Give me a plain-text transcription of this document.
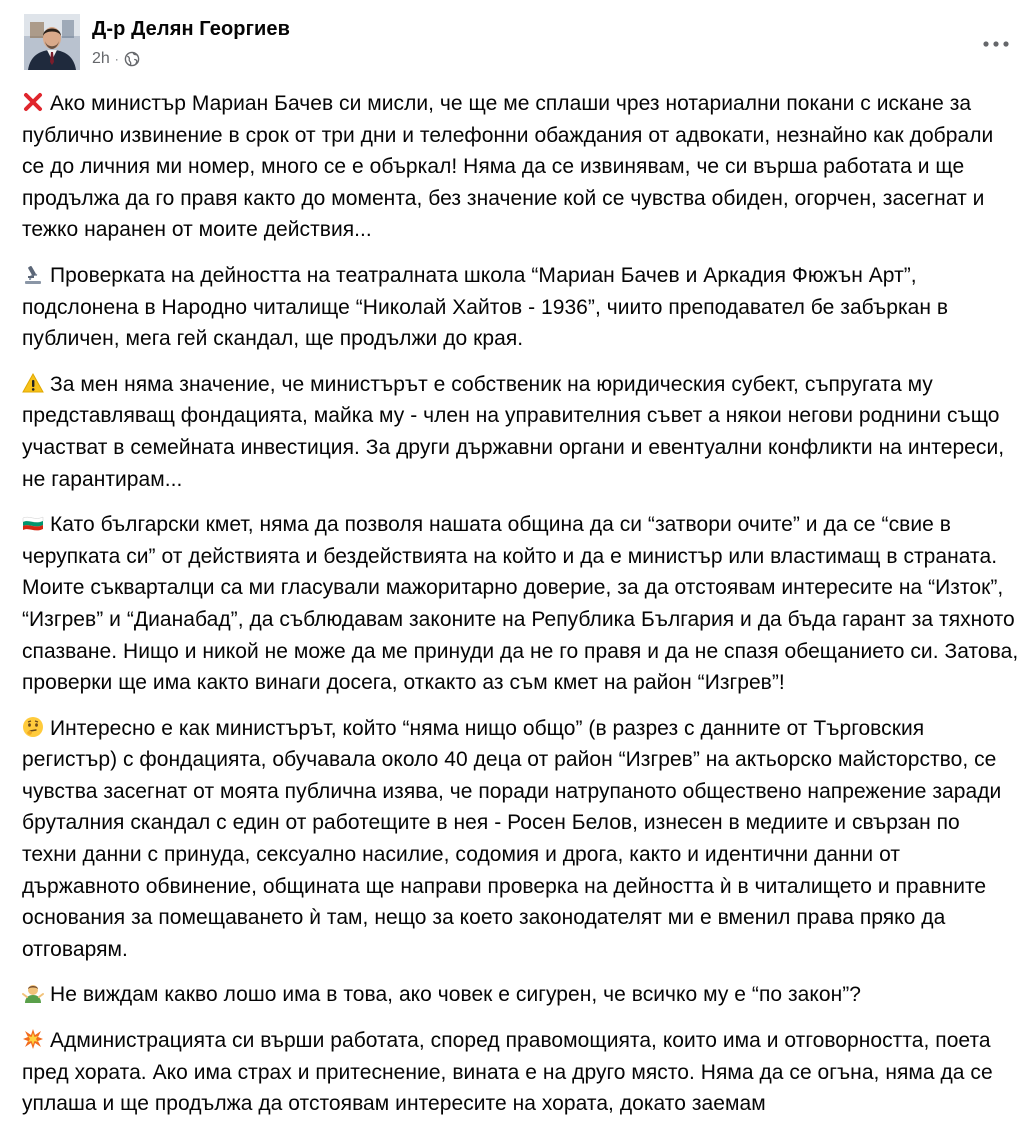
Д-р Делян Георгиев
2h ·

Ако министър Мариан Бачев си мисли, че ще ме сплаши чрез нотариални покани с искане за публично извинение в срок от три дни и телефонни обаждания от адвокати, незнайно как добрали се до личния ми номер, много се е объркал! Няма да се извинявам, че си върша работата и ще продължа да го правя както до момента, без значение кой се чувства обиден, огорчен, засегнат и тежко наранен от моите действия...

Проверката на дейността на театралната школа “Мариан Бачев и Аркадия Фюжън Арт”, подслонена в Народно читалище “Николай Хайтов - 1936”, чиито преподавател бе забъркан в публичен, мега гей скандал, ще продължи до края.

За мен няма значение, че министърът е собственик на юридическия субект, съпругата му представляващ фондацията, майка му - член на управителния съвет а някои негови роднини също участват в семейната инвестиция. За други държавни органи и евентуални конфликти на интереси, не гарантирам...

Като български кмет, няма да позволя нашата община да си “затвори очите” и да се “свие в черупката си” от действията и бездействията на който и да е министър или властимащ в страната. Моите съкварталци са ми гласували мажоритарно доверие, за да отстоявам интересите на “Изток”, “Изгрев” и “Дианабад”, да съблюдавам законите на Република България и да бъда гарант за тяхното спазване. Нищо и никой не може да ме принуди да не го правя и да не спазя обещанието си. Затова, проверки ще има както винаги досега, откакто аз съм кмет на район “Изгрев”!

Интересно е как министърът, който “няма нищо общо” (в разрез с данните от Търговския регистър) с фондацията, обучавала около 40 деца от район “Изгрев” на актьорско майсторство, се чувства засегнат от моята публична изява, че поради натрупаното обществено напрежение заради бруталния скандал с един от работещите в нея - Росен Белов, изнесен в медиите и свързан по техни данни с принуда, сексуално насилие, содомия и дрога, както и идентични данни от държавното обвинение, общината ще направи проверка на дейността ѝ в читалището и правните основания за помещаването ѝ там, нещо за което законодателят ми е вменил права пряко да отговарям.

Не виждам какво лошо има в това, ако човек е сигурен, че всичко му е “по закон”?

Администрацията си върши работата, според правомощията, които има и отговорността, поета пред хората. Ако има страх и притеснение, вината е на друго място. Няма да се огъна, няма да се уплаша и ще продължа да отстоявам интересите на хората, докато заемам
